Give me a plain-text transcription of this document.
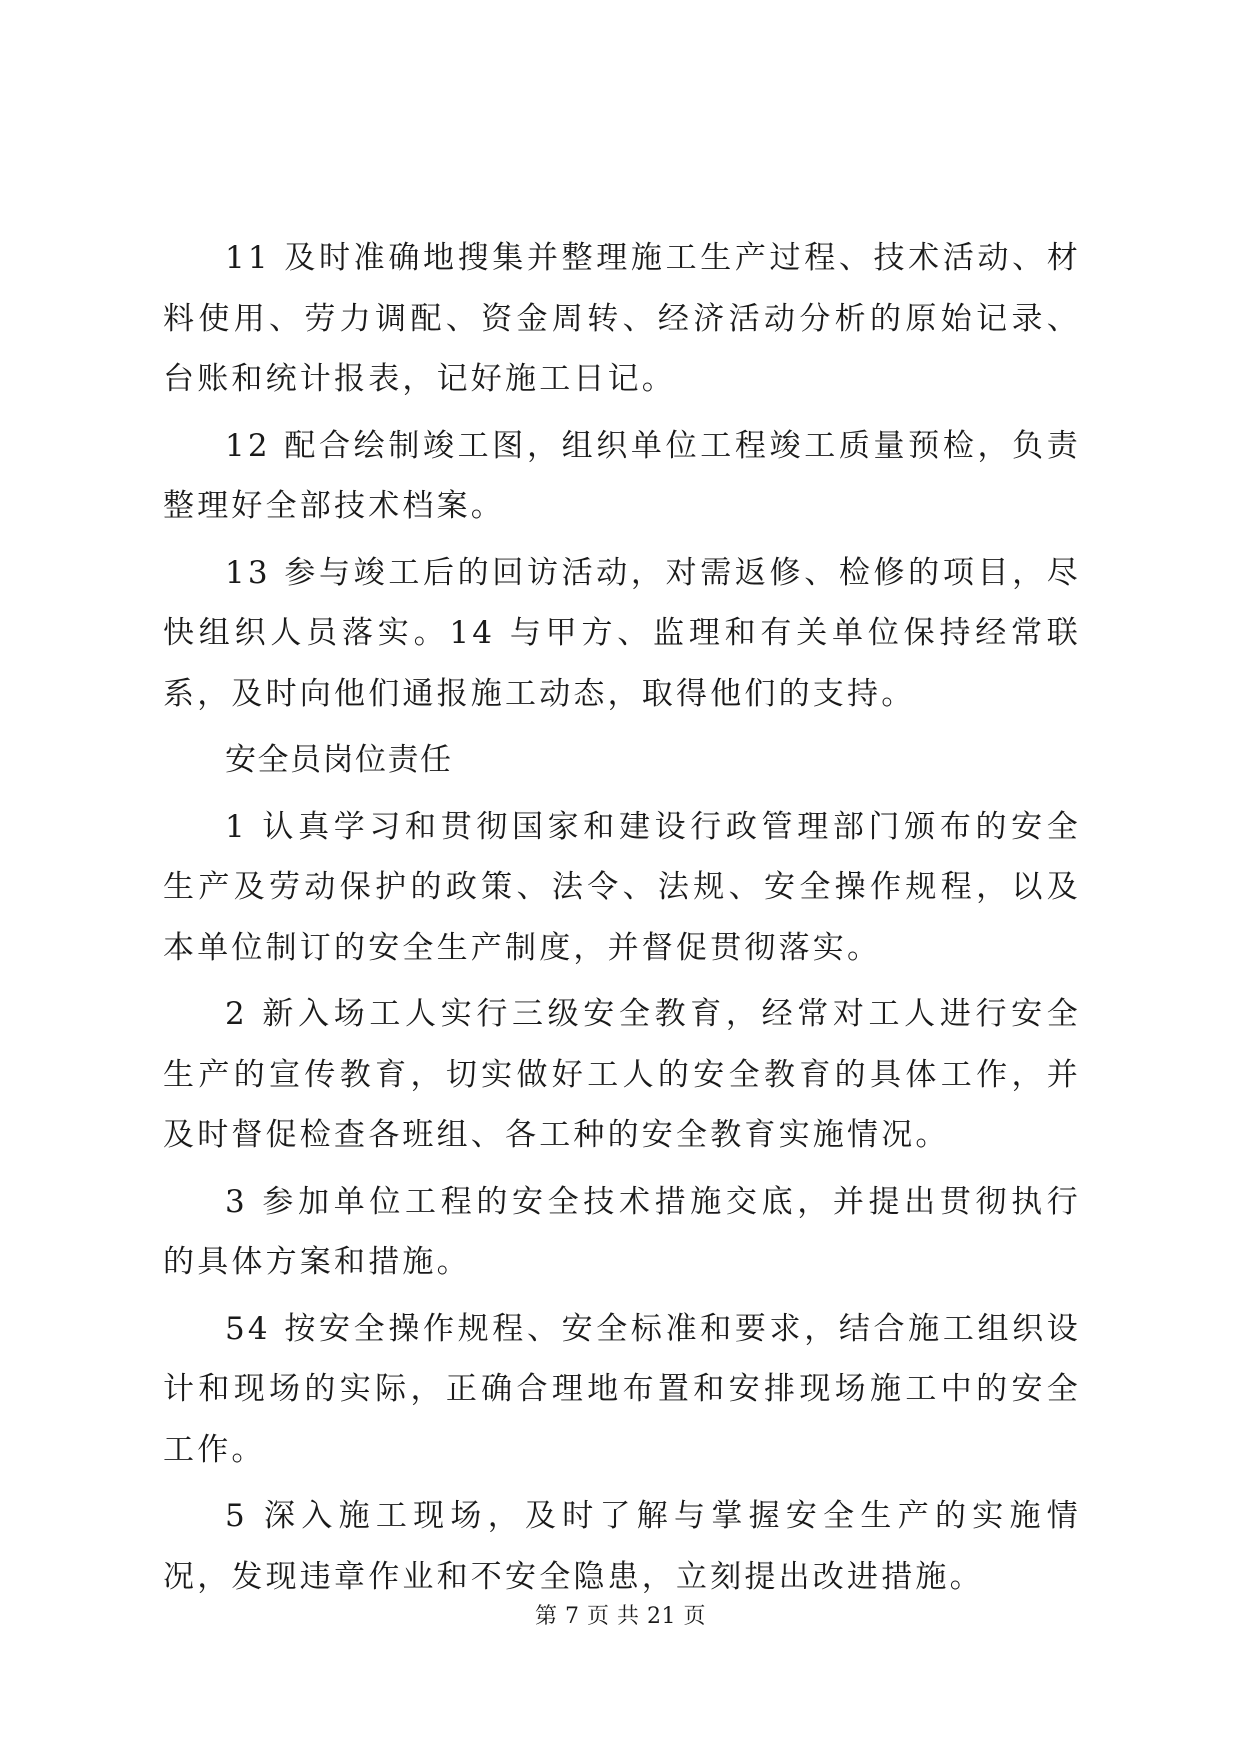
11 及时准确地搜集并整理施工生产过程、技术活动、材料使用、劳力调配、资金周转、经济活动分析的原始记录、台账和统计报表，记好施工日记。

12 配合绘制竣工图，组织单位工程竣工质量预检，负责整理好全部技术档案。

13 参与竣工后的回访活动，对需返修、检修的项目，尽快组织人员落实。14 与甲方、监理和有关单位保持经常联系，及时向他们通报施工动态，取得他们的支持。

安全员岗位责任

1 认真学习和贯彻国家和建设行政管理部门颁布的安全生产及劳动保护的政策、法令、法规、安全操作规程，以及本单位制订的安全生产制度，并督促贯彻落实。

2 新入场工人实行三级安全教育，经常对工人进行安全生产的宣传教育，切实做好工人的安全教育的具体工作，并及时督促检查各班组、各工种的安全教育实施情况。

3 参加单位工程的安全技术措施交底，并提出贯彻执行的具体方案和措施。

54 按安全操作规程、安全标准和要求，结合施工组织设计和现场的实际，正确合理地布置和安排现场施工中的安全工作。

5 深入施工现场，及时了解与掌握安全生产的实施情况，发现违章作业和不安全隐患，立刻提出改进措施。

第 7 页 共 21 页
